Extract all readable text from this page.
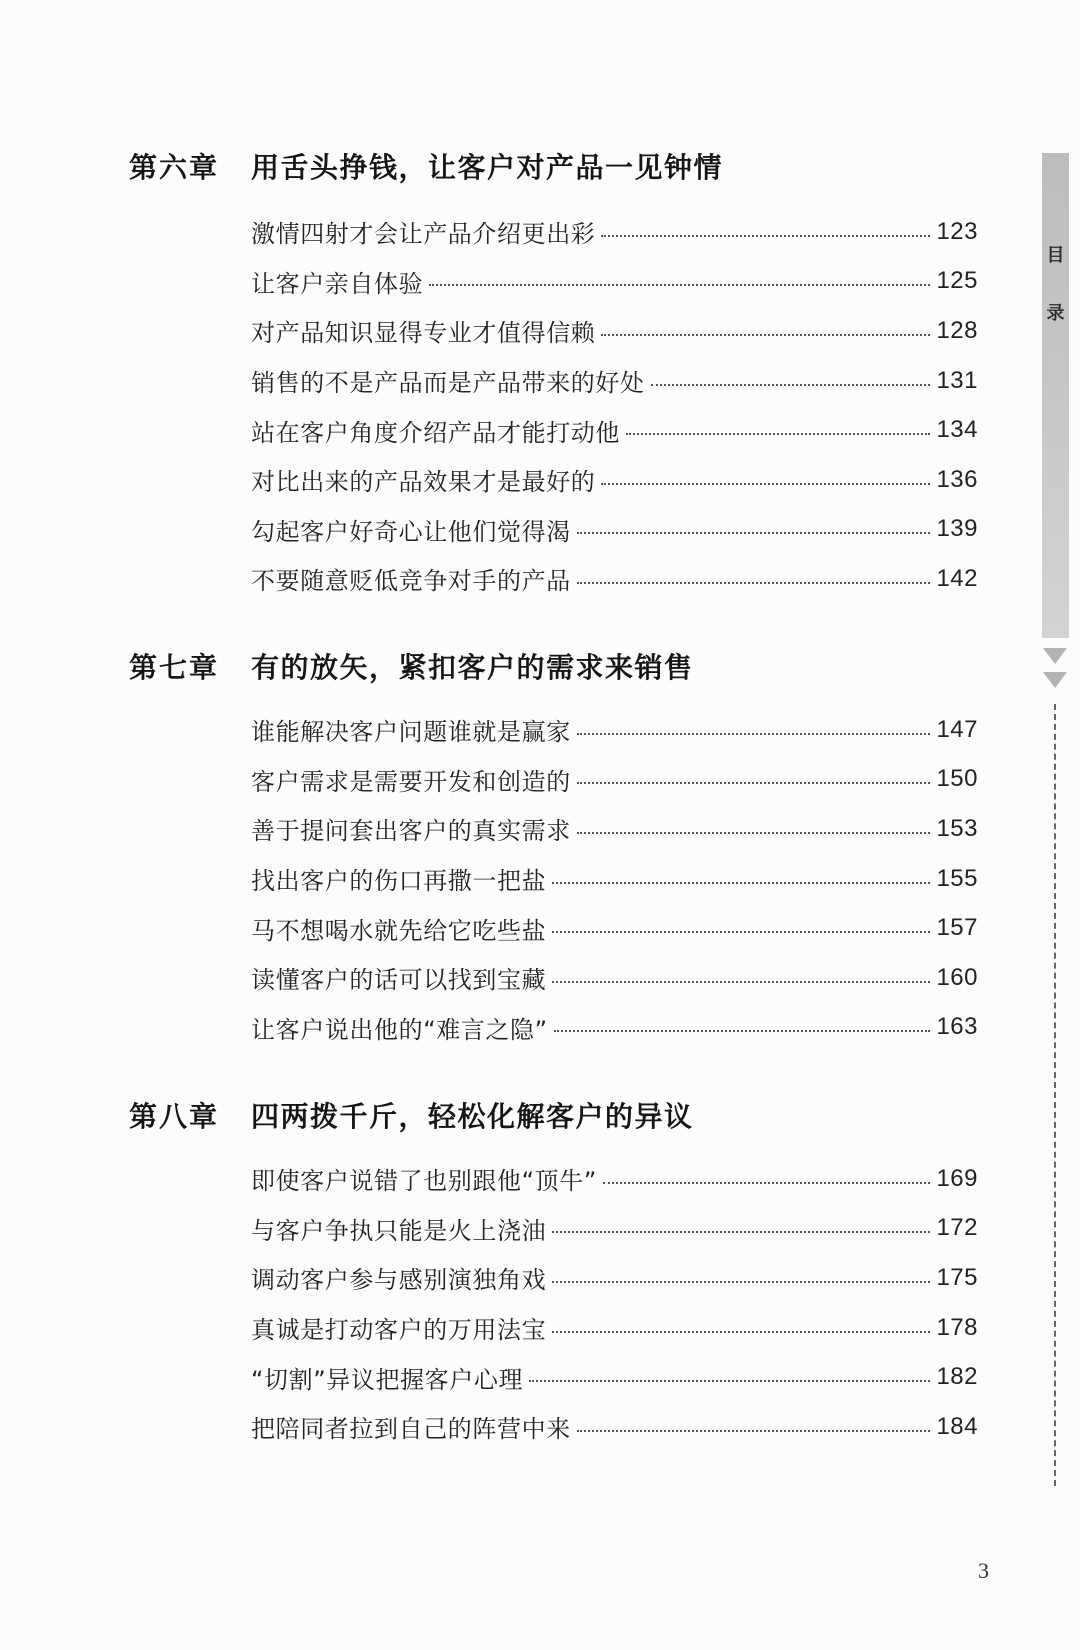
第六章	用舌头挣钱，让客户对产品一见钟情
激情四射才会让产品介绍更出彩	123
让客户亲自体验	125
对产品知识显得专业才值得信赖	128
销售的不是产品而是产品带来的好处	131
站在客户角度介绍产品才能打动他	134
对比出来的产品效果才是最好的	136
勾起客户好奇心让他们觉得渴	139
不要随意贬低竞争对手的产品	142
第七章	有的放矢，紧扣客户的需求来销售
谁能解决客户问题谁就是赢家	147
客户需求是需要开发和创造的	150
善于提问套出客户的真实需求	153
找出客户的伤口再撒一把盐	155
马不想喝水就先给它吃些盐	157
读懂客户的话可以找到宝藏	160
让客户说出他的“难言之隐”	163
第八章	四两拨千斤，轻松化解客户的异议
即使客户说错了也别跟他“顶牛”	169
与客户争执只能是火上浇油	172
调动客户参与感别演独角戏	175
真诚是打动客户的万用法宝	178
“切割”异议把握客户心理	182
把陪同者拉到自己的阵营中来	184
目
录
3
